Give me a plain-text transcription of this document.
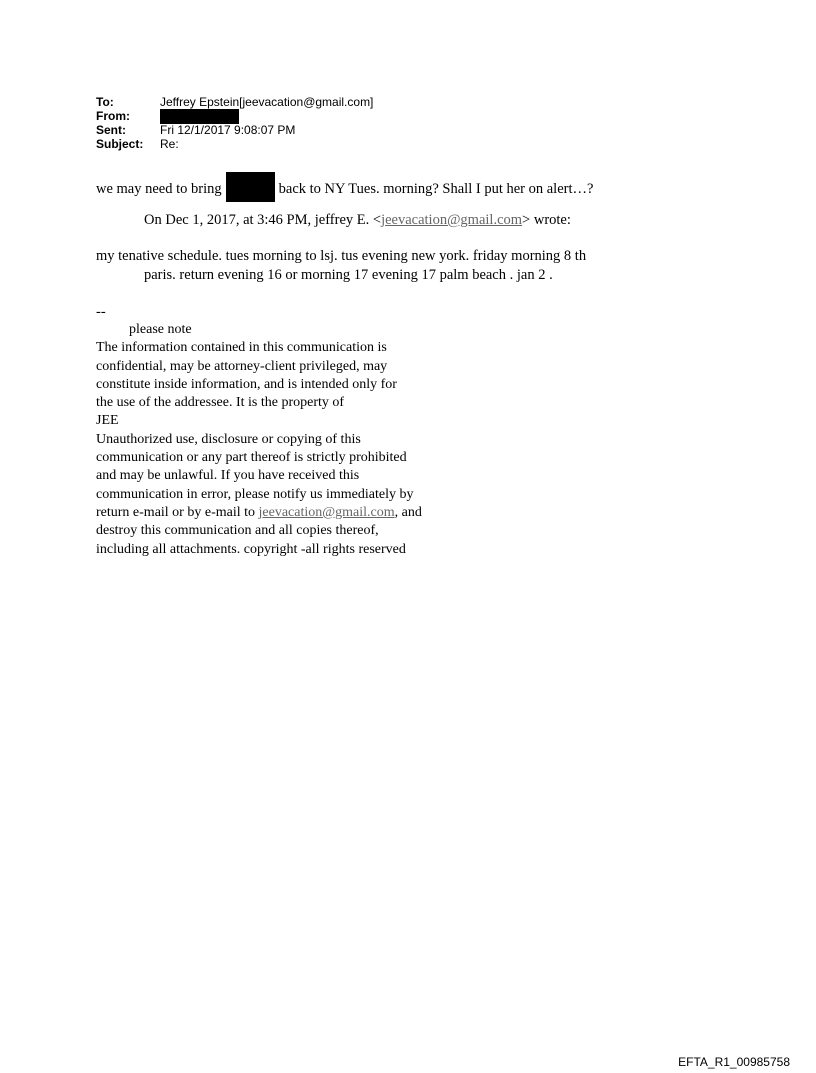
To:	Jeffrey Epstein[jeevacation@gmail.com]
From:
Sent:	Fri 12/1/2017 9:08:07 PM
Subject:	Re:
we may need to bring	back to NY Tues. morning? Shall I put her on alert…?
On Dec 1, 2017, at 3:46 PM, jeffrey E. <jeevacation@gmail.com> wrote:
my tenative schedule. tues morning to lsj. tus evening new york. friday morning 8 th
paris. return evening 16 or morning 17 evening 17 palm beach . jan 2 .
--
please note
The information contained in this communication is
confidential, may be attorney-client privileged, may
constitute inside information, and is intended only for
the use of the addressee. It is the property of
JEE
Unauthorized use, disclosure or copying of this
communication or any part thereof is strictly prohibited
and may be unlawful. If you have received this
communication in error, please notify us immediately by
return e-mail or by e-mail to jeevacation@gmail.com, and
destroy this communication and all copies thereof,
including all attachments. copyright -all rights reserved
EFTA_R1_00985758
